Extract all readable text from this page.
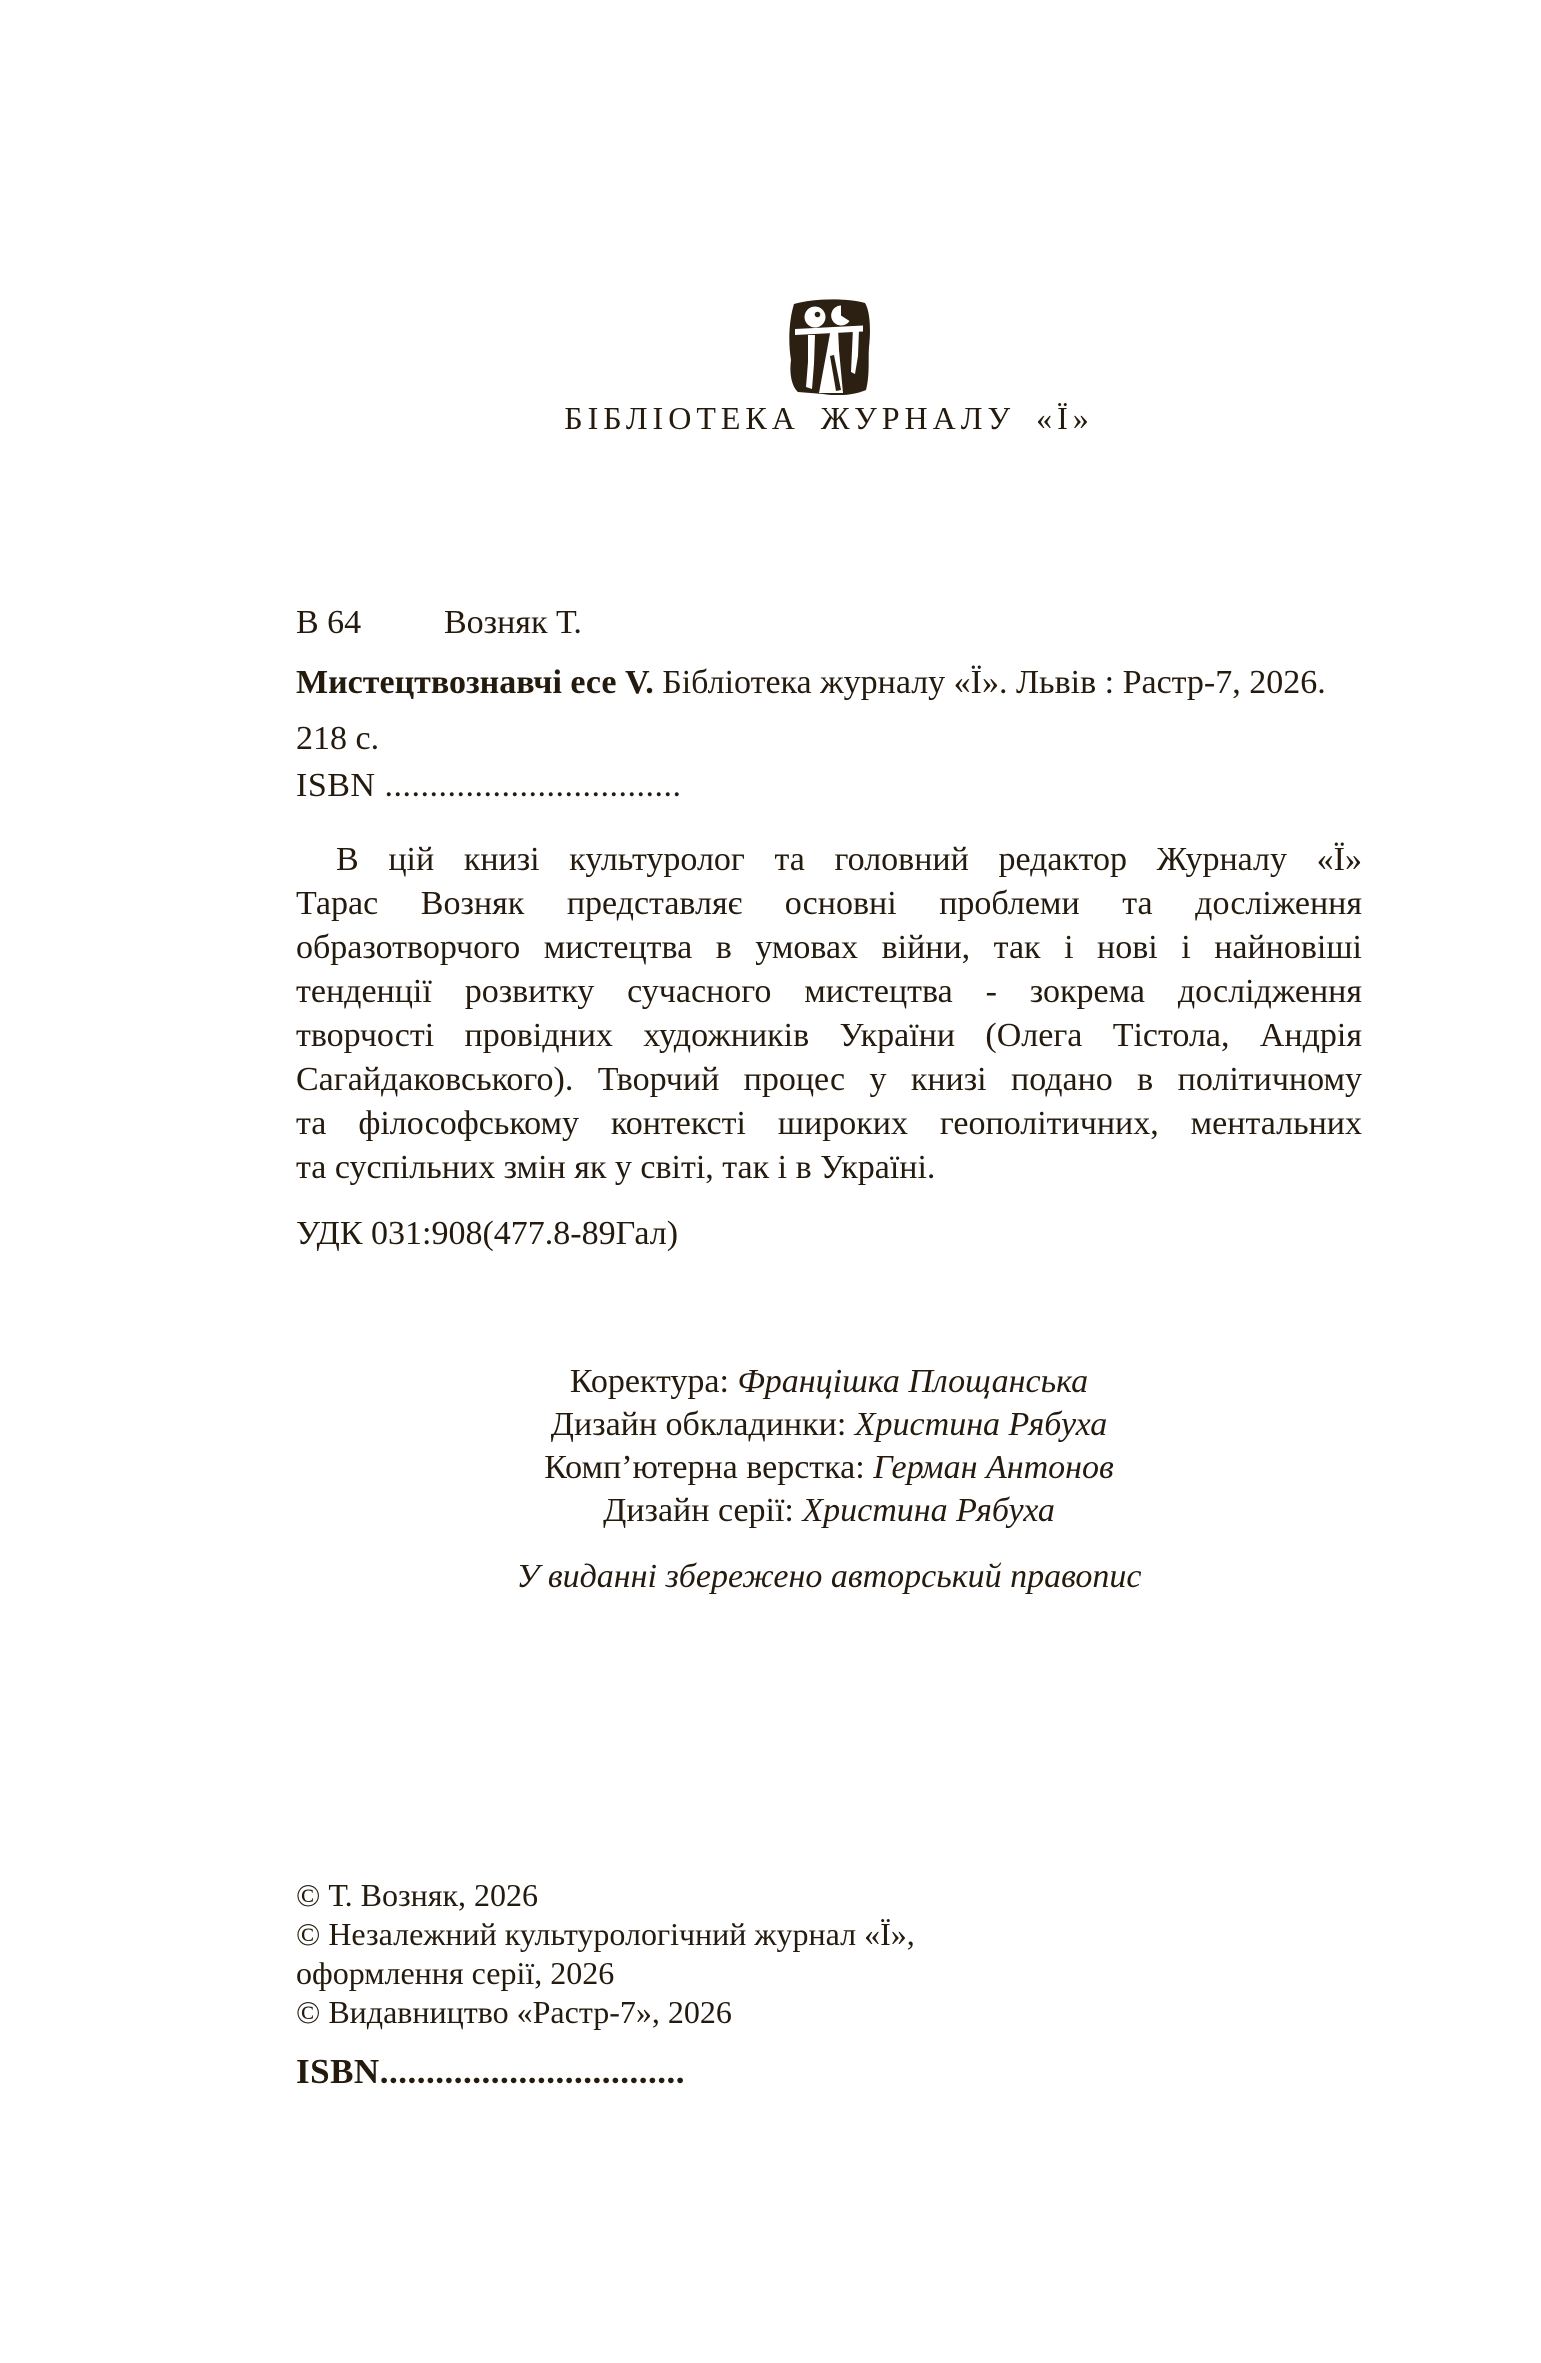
БІБЛІОТЕКА ЖУРНАЛУ «Ї»
В 64 Возняк Т.
Мистецтвознавчі есе V. Бібліотека журналу «Ї». Львів : Растр-7, 2026.
218 с.
ISBN .................................
В цій книзі культуролог та головний редактор Журналу «Ї»
Тарас Возняк представляє основні проблеми та досліження
образотворчого мистецтва в умовах війни, так і нові і найновіші
тенденції розвитку сучасного мистецтва - зокрема дослідження
творчості провідних художників України (Олега Тістола, Андрія
Сагайдаковського). Творчий процес у книзі подано в політичному
та філософському контексті широких геополітичних, ментальних
та суспільних змін як у світі, так і в Україні.
УДК 031:908(477.8-89Гал)
Коректура: Францішка Площанська
Дизайн обкладинки: Христина Рябуха
Комп’ютерна верстка: Герман Антонов
Дизайн серії: Христина Рябуха
У виданні збережено авторський правопис
© Т. Возняк, 2026
© Незалежний культурологічний журнал «Ї»,
оформлення серії, 2026
© Видавництво «Растр-7», 2026
ISBN.................................
